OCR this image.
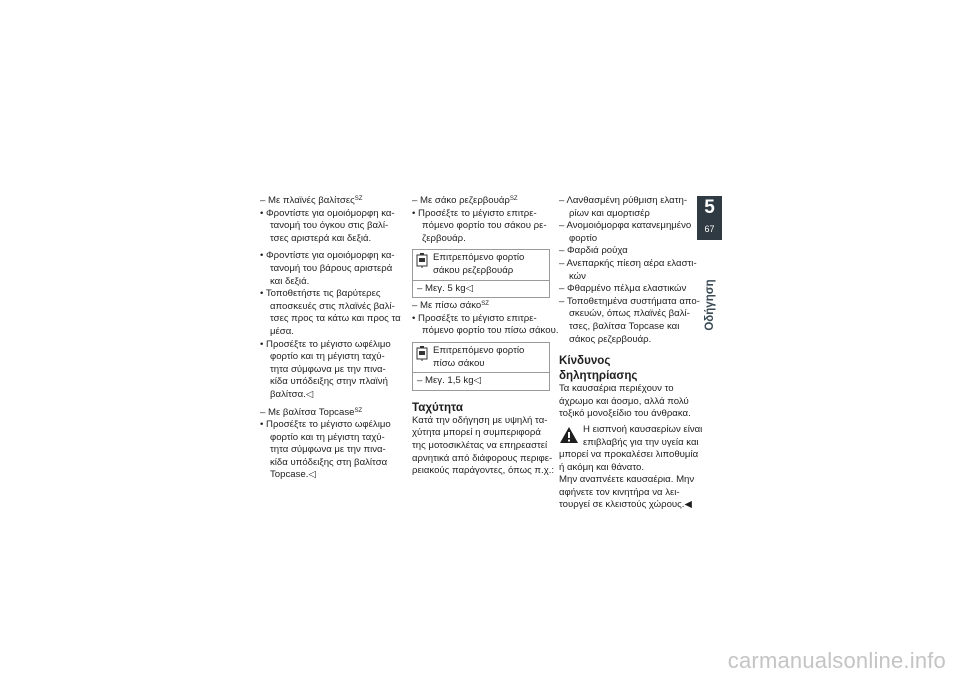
– Με πλαϊνές βαλίτσες$^{SZ}$
• Φροντίστε για ομοιόμορφη κα-
τανομή του όγκου στις βαλί-
τσες αριστερά και δεξιά.
• Φροντίστε για ομοιόμορφη κα-
τανομή του βάρους αριστερά
και δεξιά.
• Τοποθετήστε τις βαρύτερες
αποσκευές στις πλαϊνές βαλί-
τσες προς τα κάτω και προς τα
μέσα.
• Προσέξτε το μέγιστο ωφέλιμο
φορτίο και τη μέγιστη ταχύ-
τητα σύμφωνα με την πινα-
κίδα υπόδειξης στην πλαϊνή
βαλίτσα.◁
– Με βαλίτσα Topcase$^{SZ}$
• Προσέξτε το μέγιστο ωφέλιμο
φορτίο και τη μέγιστη ταχύ-
τητα σύμφωνα με την πινα-
κίδα υπόδειξης στη βαλίτσα
Topcase.◁
– Με σάκο ρεζερβουάρ$^{SZ}$
• Προσέξτε το μέγιστο επιτρε-
πόμενο φορτίο του σάκου ρε-
ζερβουάρ.
Επιτρεπόμενο φορτίο
σάκου ρεζερβουάρ
– Μεγ. 5 kg◁
– Με πίσω σάκο$^{SZ}$
• Προσέξτε το μέγιστο επιτρε-
πόμενο φορτίο του πίσω σάκου.
Επιτρεπόμενο φορτίο
πίσω σάκου
– Μεγ. 1,5 kg◁
Ταχύτητα
Κατά την οδήγηση με υψηλή τα-
χύτητα μπορεί η συμπεριφορά
της μοτοσικλέτας να επηρεαστεί
αρνητικά από διάφορους περιφε-
ρειακούς παράγοντες, όπως π.χ.:
– Λανθασμένη ρύθμιση ελατη-
ρίων και αμορτισέρ
– Ανομοιόμορφα κατανεμημένο
φορτίο
– Φαρδιά ρούχα
– Ανεπαρκής πίεση αέρα ελαστι-
κών
– Φθαρμένο πέλμα ελαστικών
– Τοποθετημένα συστήματα απο-
σκευών, όπως πλαϊνές βαλί-
τσες, βαλίτσα Topcase και
σάκος ρεζερβουάρ.
Κίνδυνος δηλητηρίασης
Τα καυσαέρια περιέχουν το
άχρωμο και άοσμο, αλλά πολύ
τοξικό μονοξείδιο του άνθρακα.
Η εισπνοή καυσαερίων είναι
επιβλαβής για την υγεία και
μπορεί να προκαλέσει λιποθυμία
ή ακόμη και θάνατο.
Μην αναπνέετε καυσαέρια. Μην
αφήνετε τον κινητήρα να λει-
τουργεί σε κλειστούς χώρους.◀
5
67
Οδήγηση
carmanualsonline.info
